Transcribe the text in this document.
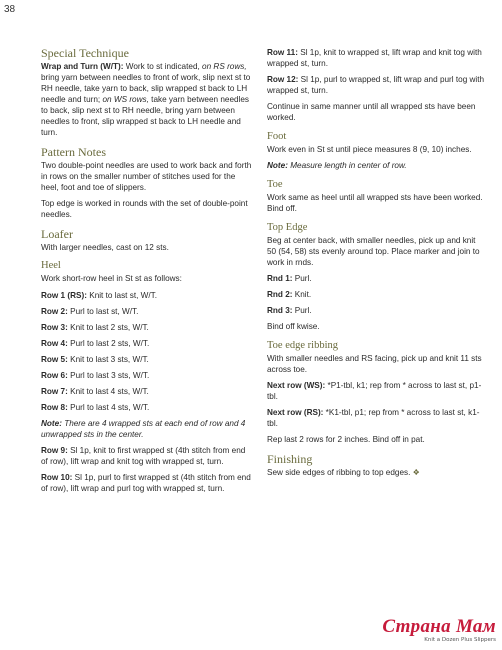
38
Special Technique

Wrap and Turn (W/T): Work to st indicated, on RS rows, bring yarn between needles to front of work, slip next st to RH needle, take yarn to back, slip wrapped st back to LH needle and turn; on WS rows, take yarn between needles to back, slip next st to RH needle, bring yarn between needles to front, slip wrapped st back to LH needle and turn.

Pattern Notes

Two double-point needles are used to work back and forth in rows on the smaller number of stitches used for the heel, foot and toe of slippers.

Top edge is worked in rounds with the set of double-point needles.

Loafer

With larger needles, cast on 12 sts.

Heel

Work short-row heel in St st as follows:

Row 1 (RS): Knit to last st, W/T.

Row 2: Purl to last st, W/T.

Row 3: Knit to last 2 sts, W/T.

Row 4: Purl to last 2 sts, W/T.

Row 5: Knit to last 3 sts, W/T.

Row 6: Purl to last 3 sts, W/T.

Row 7: Knit to last 4 sts, W/T.

Row 8: Purl to last 4 sts, W/T.

Note: There are 4 wrapped sts at each end of row and 4 unwrapped sts in the center.

Row 9: Sl 1p, knit to first wrapped st (4th stitch from end of row), lift wrap and knit tog with wrapped st, turn.

Row 10: Sl 1p, purl to first wrapped st (4th stitch from end of row), lift wrap and purl tog with wrapped st, turn.

Row 11: Sl 1p, knit to wrapped st, lift wrap and knit tog with wrapped st, turn.

Row 12: Sl 1p, purl to wrapped st, lift wrap and purl tog with wrapped st, turn.

Continue in same manner until all wrapped sts have been worked.

Foot

Work even in St st until piece measures 8 (9, 10) inches.

Note: Measure length in center of row.

Toe

Work same as heel until all wrapped sts have been worked. Bind off.

Top Edge

Beg at center back, with smaller needles, pick up and knit 50 (54, 58) sts evenly around top. Place marker and join to work in rnds.

Rnd 1: Purl.

Rnd 2: Knit.

Rnd 3: Purl.

Bind off kwise.

Toe edge ribbing

With smaller needles and RS facing, pick up and knit 11 sts across toe.

Next row (WS): *P1-tbl, k1; rep from * across to last st, p1-tbl.

Next row (RS): *K1-tbl, p1; rep from * across to last st, k1-tbl.

Rep last 2 rows for 2 inches. Bind off in pat.

Finishing

Sew side edges of ribbing to top edges. ❖

Страна Мам
Knit a Dozen Plus Slippers
